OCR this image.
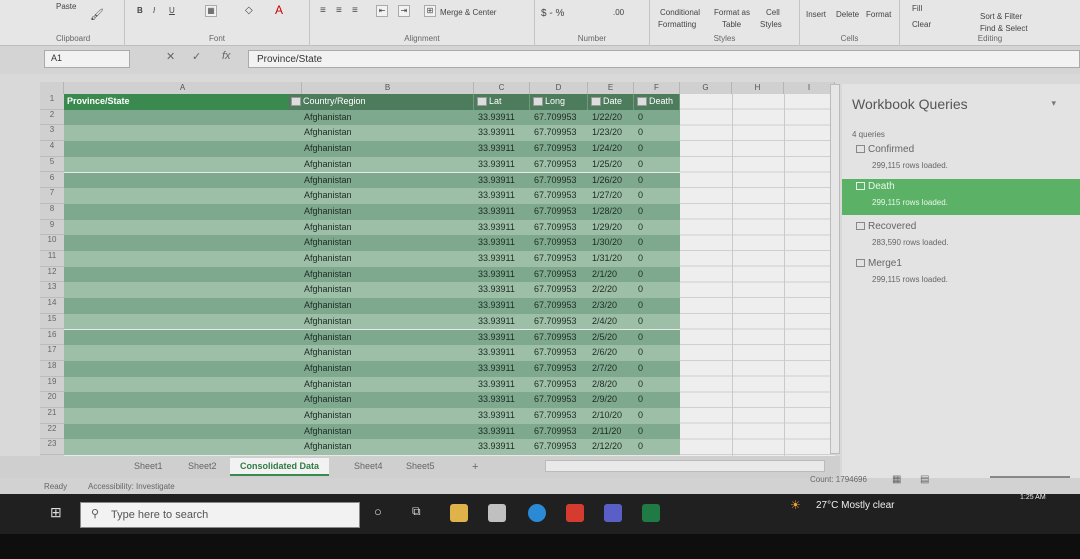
Paste
🖌
Clipboard
B I U	▦	◇ A
Font
≡ ≡ ≡	⇤	⇥	⊞ Merge & Center
Alignment
$ - %	.00
Number
Conditional
Formatting
Format as
Table
Cell
Styles
Styles
Insert Delete Format
Cells
Fill
Clear
Sort & Filter
Find & Select
Editing
A1	✕ ✓ fx	Province/State
A	B	C	D	E	F	G	H	I
Province/State	Country/Region	Lat	Long	Date	Death
Afghanistan	33.93911 67.709953 1/22/20 0
Afghanistan	33.93911 67.709953 1/23/20 0
Afghanistan	33.93911 67.709953 1/24/20 0
Afghanistan	33.93911 67.709953 1/25/20 0
Afghanistan	33.93911 67.709953 1/26/20 0
Afghanistan	33.93911 67.709953 1/27/20 0
Afghanistan	33.93911 67.709953 1/28/20 0
Afghanistan	33.93911 67.709953 1/29/20 0
Afghanistan	33.93911 67.709953 1/30/20 0
Afghanistan	33.93911 67.709953 1/31/20 0
Afghanistan	33.93911 67.709953 2/1/20 0
Afghanistan	33.93911 67.709953 2/2/20 0
Afghanistan	33.93911 67.709953 2/3/20 0
Afghanistan	33.93911 67.709953 2/4/20 0
Afghanistan	33.93911 67.709953 2/5/20 0
Afghanistan	33.93911 67.709953 2/6/20 0
Afghanistan	33.93911 67.709953 2/7/20 0
Afghanistan	33.93911 67.709953 2/8/20 0
Afghanistan	33.93911 67.709953 2/9/20 0
Afghanistan	33.93911 67.709953 2/10/20 0
Afghanistan	33.93911 67.709953 2/11/20 0
Afghanistan	33.93911 67.709953 2/12/20 0
1
2
3
4
5
6
7
8
9
10
11
12
13
14
15
16
17
18
19
20
21
22
23
Workbook Queries	▾
4 queries
Confirmed
299,115 rows loaded.
Death
299,115 rows loaded.
Recovered
283,590 rows loaded.
Merge1
299,115 rows loaded.
Sheet1	Sheet2	Consolidated Data	Sheet4	Sheet5	+
Ready	Accessibility: Investigate
Count: 1794696	▦ ▤
⊞	⚲ Type here to search	○	⧉	☀ 27°C Mostly clear
1:25 AM
